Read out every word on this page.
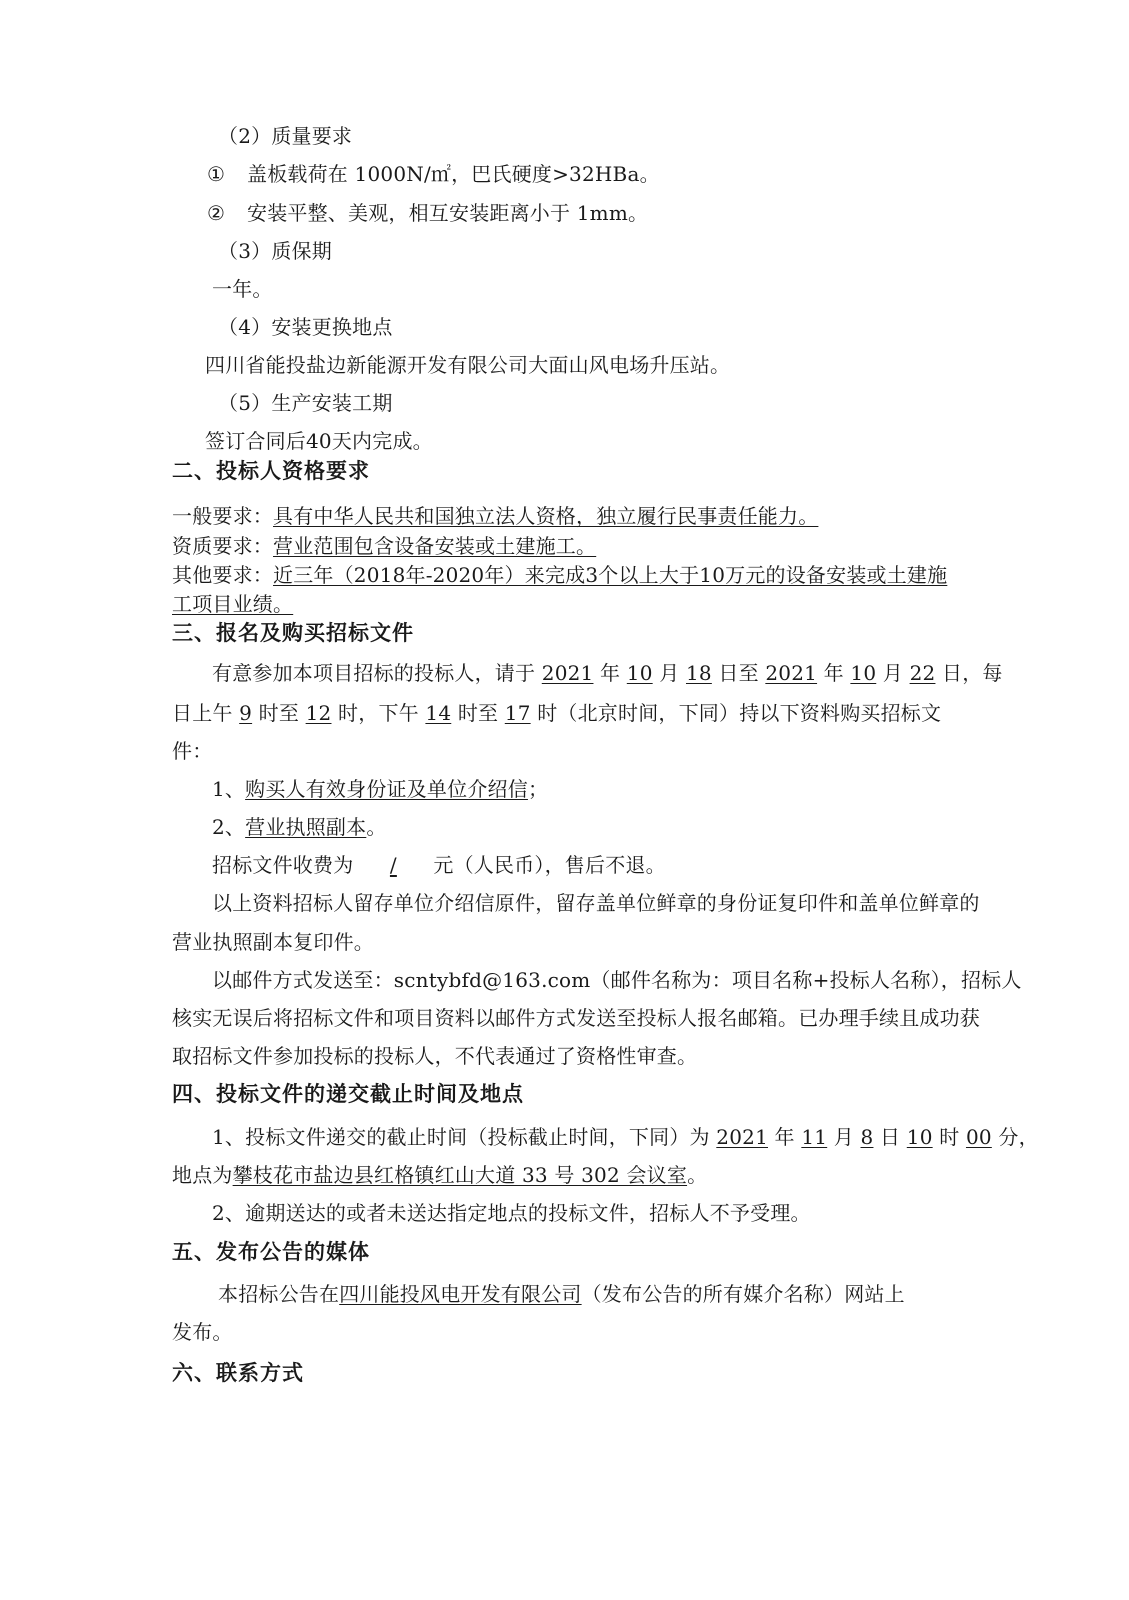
（2）质量要求
① 盖板载荷在 1000N/㎡，巴氏硬度>32HBa。
② 安装平整、美观，相互安装距离小于 1mm。
（3）质保期
一年。
（4）安装更换地点
四川省能投盐边新能源开发有限公司大面山风电场升压站。
（5）生产安装工期
签订合同后40天内完成。
二、投标人资格要求
一般要求：具有中华人民共和国独立法人资格，独立履行民事责任能力。
资质要求：营业范围包含设备安装或土建施工。
其他要求：近三年（2018年-2020年）来完成3个以上大于10万元的设备安装或土建施
工项目业绩。
三、报名及购买招标文件
有意参加本项目招标的投标人，请于 2021 年 10 月 18 日至 2021 年 10 月 22 日，每
日上午 9 时至 12 时，下午 14 时至 17 时（北京时间，下同）持以下资料购买招标文
件：
1、购买人有效身份证及单位介绍信；
2、营业执照副本。
招标文件收费为 / 元（人民币），售后不退。
以上资料招标人留存单位介绍信原件，留存盖单位鲜章的身份证复印件和盖单位鲜章的
营业执照副本复印件。
以邮件方式发送至：scntybfd@163.com（邮件名称为：项目名称+投标人名称），招标人
核实无误后将招标文件和项目资料以邮件方式发送至投标人报名邮箱。已办理手续且成功获
取招标文件参加投标的投标人，不代表通过了资格性审查。
四、投标文件的递交截止时间及地点
1、投标文件递交的截止时间（投标截止时间，下同）为 2021 年 11 月 8 日 10 时 00 分，
地点为攀枝花市盐边县红格镇红山大道 33 号 302 会议室。
2、逾期送达的或者未送达指定地点的投标文件，招标人不予受理。
五、发布公告的媒体
本招标公告在四川能投风电开发有限公司（发布公告的所有媒介名称）网站上
发布。
六、联系方式
